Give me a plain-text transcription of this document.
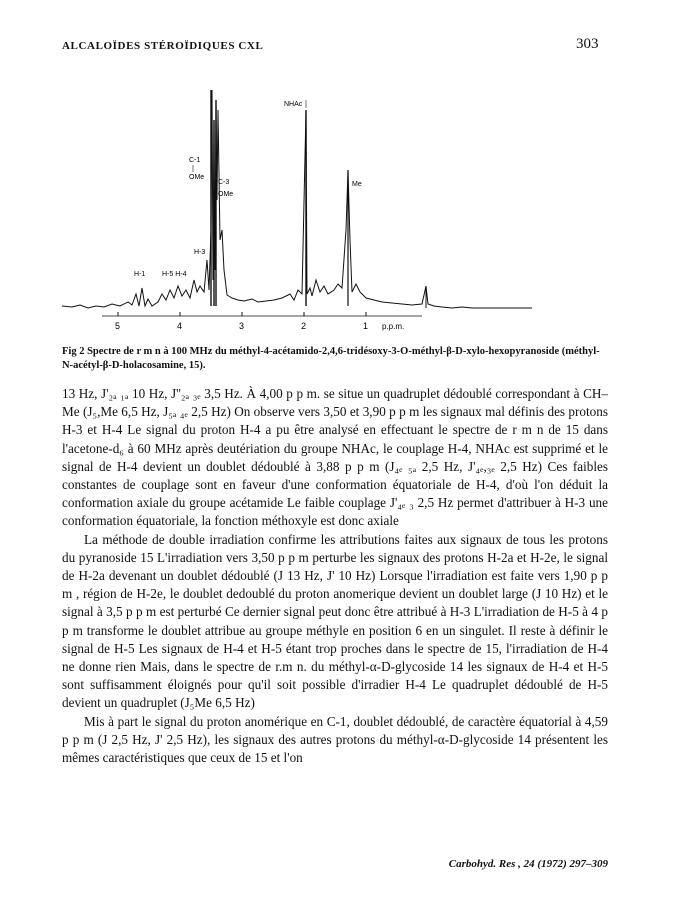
ALCALOÏDES STÉROÏDIQUES CXL	303
5	4	3	2	1 p.p.m.
NHAc
C-1
OMe
C-3
OMe
Me
H-3
H-1 H-5 H-4
Fig 2 Spectre de r m n à 100 MHz du méthyl-4-acétamido-2,4,6-tridésoxy-3-O-méthyl-β-D-xylo-hexopyranoside (méthyl-N-acétyl-β-D-holacosamine, 15).

13 Hz, J'₂ₐ ₁ₐ 10 Hz, J''₂ₐ ₃ₑ 3,5 Hz. À 4,00 p p m. se situe un quadruplet dédoublé correspondant à CH–Me (J₅,Me 6,5 Hz, J₅ₐ ₄ₑ 2,5 Hz) On observe vers 3,50 et 3,90 p p m les signaux mal définis des protons H-3 et H-4 Le signal du proton H-4 a pu être analysé en effectuant le spectre de r m n de 15 dans l'acetone-d₆ à 60 MHz après deutériation du groupe NHAc, le couplage H-4, NHAc est supprimé et le signal de H-4 devient un doublet dédoublé à 3,88 p p m (J₄ₑ ₅ₐ 2,5 Hz, J'₄ₑ,₃ₑ 2,5 Hz) Ces faibles constantes de couplage sont en faveur d'une conformation équatoriale de H-4, d'où l'on déduit la conformation axiale du groupe acétamide Le faible couplage J'₄ₑ ₃ 2,5 Hz permet d'attribuer à H-3 une conformation équatoriale, la fonction méthoxyle est donc axiale

La méthode de double irradiation confirme les attributions faites aux signaux de tous les protons du pyranoside 15 L'irradiation vers 3,50 p p m perturbe les signaux des protons H-2a et H-2e, le signal de H-2a devenant un doublet dédoublé (J 13 Hz, J' 10 Hz) Lorsque l'irradiation est faite vers 1,90 p p m , région de H-2e, le doublet dedoublé du proton anomerique devient un doublet large (J 10 Hz) et le signal à 3,5 p p m est perturbé Ce dernier signal peut donc être attribué à H-3 L'irradiation de H-5 à 4 p p m transforme le doublet attribue au groupe méthyle en position 6 en un singulet. Il reste à définir le signal de H-5 Les signaux de H-4 et H-5 étant trop proches dans le spectre de 15, l'irradiation de H-4 ne donne rien Mais, dans le spectre de r.m n. du méthyl-α-D-glycoside 14 les signaux de H-4 et H-5 sont suffisamment éloignés pour qu'il soit possible d'irradier H-4 Le quadruplet dédoublé de H-5 devient un quadruplet (J₅Me 6,5 Hz)

Mis à part le signal du proton anomérique en C-1, doublet dédoublé, de caractère équatorial à 4,59 p p m (J 2,5 Hz, J' 2,5 Hz), les signaux des autres protons du méthyl-α-D-glycoside 14 présentent les mêmes caractéristiques que ceux de 15 et l'on

Carbohyd. Res , 24 (1972) 297–309
